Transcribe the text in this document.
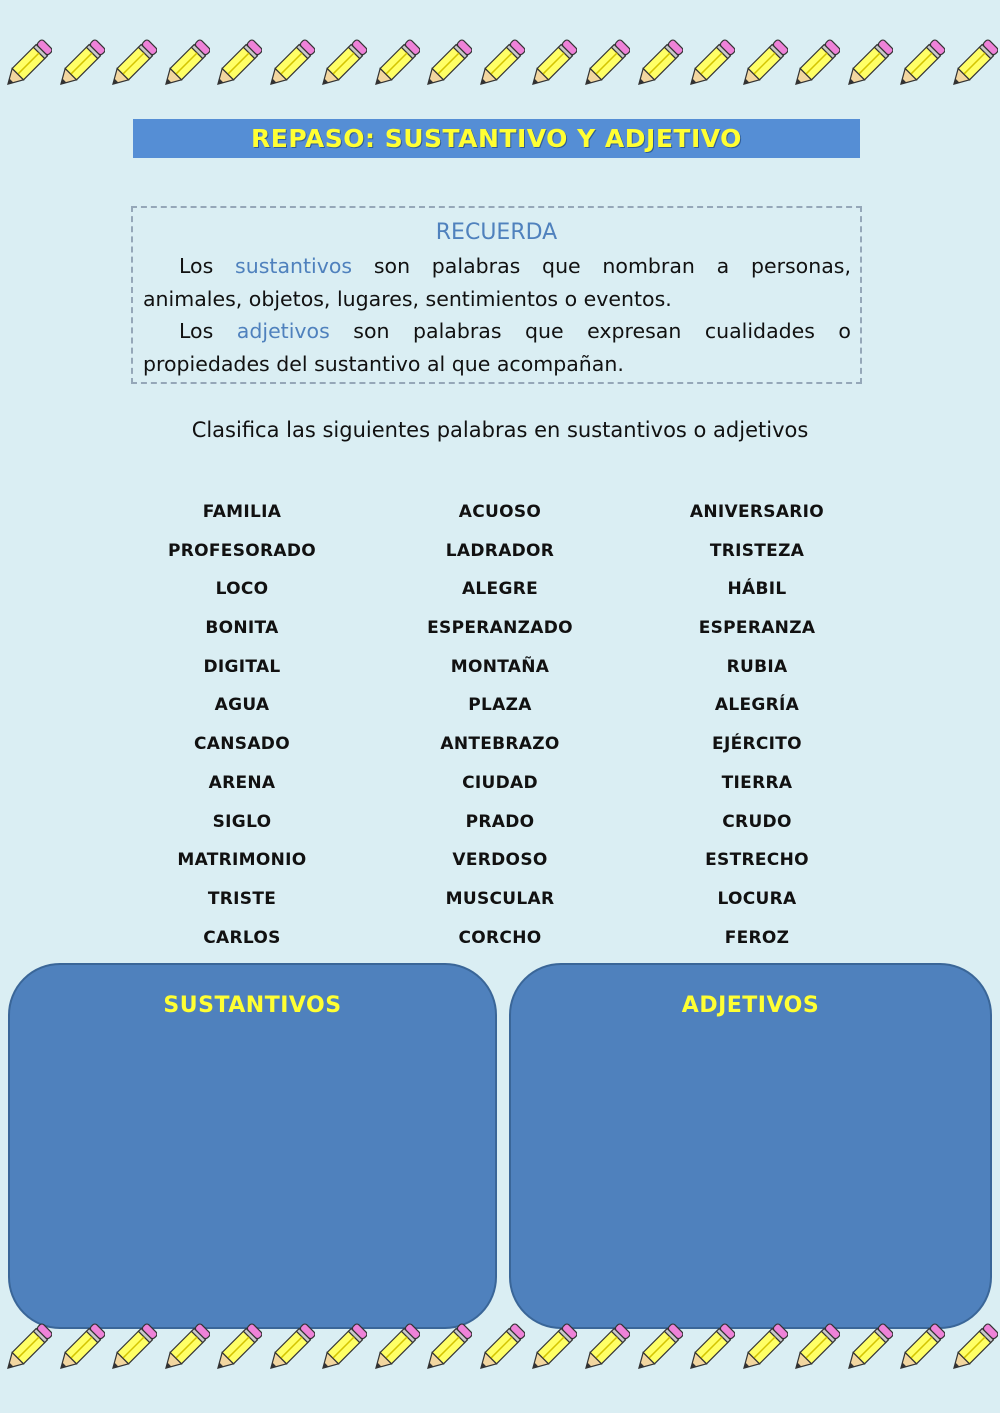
REPASO: SUSTANTIVO Y ADJETIVO
RECUERDA
Los sustantivos son palabras que nombran a personas,
animales, objetos, lugares, sentimientos o eventos.
Los adjetivos son palabras que expresan cualidades o
propiedades del sustantivo al que acompañan.
Clasifica las siguientes palabras en sustantivos o adjetivos
FAMILIA
PROFESORADO
LOCO
BONITA
DIGITAL
AGUA
CANSADO
ARENA
SIGLO
MATRIMONIO
TRISTE
CARLOS
ACUOSO
LADRADOR
ALEGRE
ESPERANZADO
MONTAÑA
PLAZA
ANTEBRAZO
CIUDAD
PRADO
VERDOSO
MUSCULAR
CORCHO
ANIVERSARIO
TRISTEZA
HÁBIL
ESPERANZA
RUBIA
ALEGRÍA
EJÉRCITO
TIERRA
CRUDO
ESTRECHO
LOCURA
FEROZ
SUSTANTIVOS	ADJETIVOS
